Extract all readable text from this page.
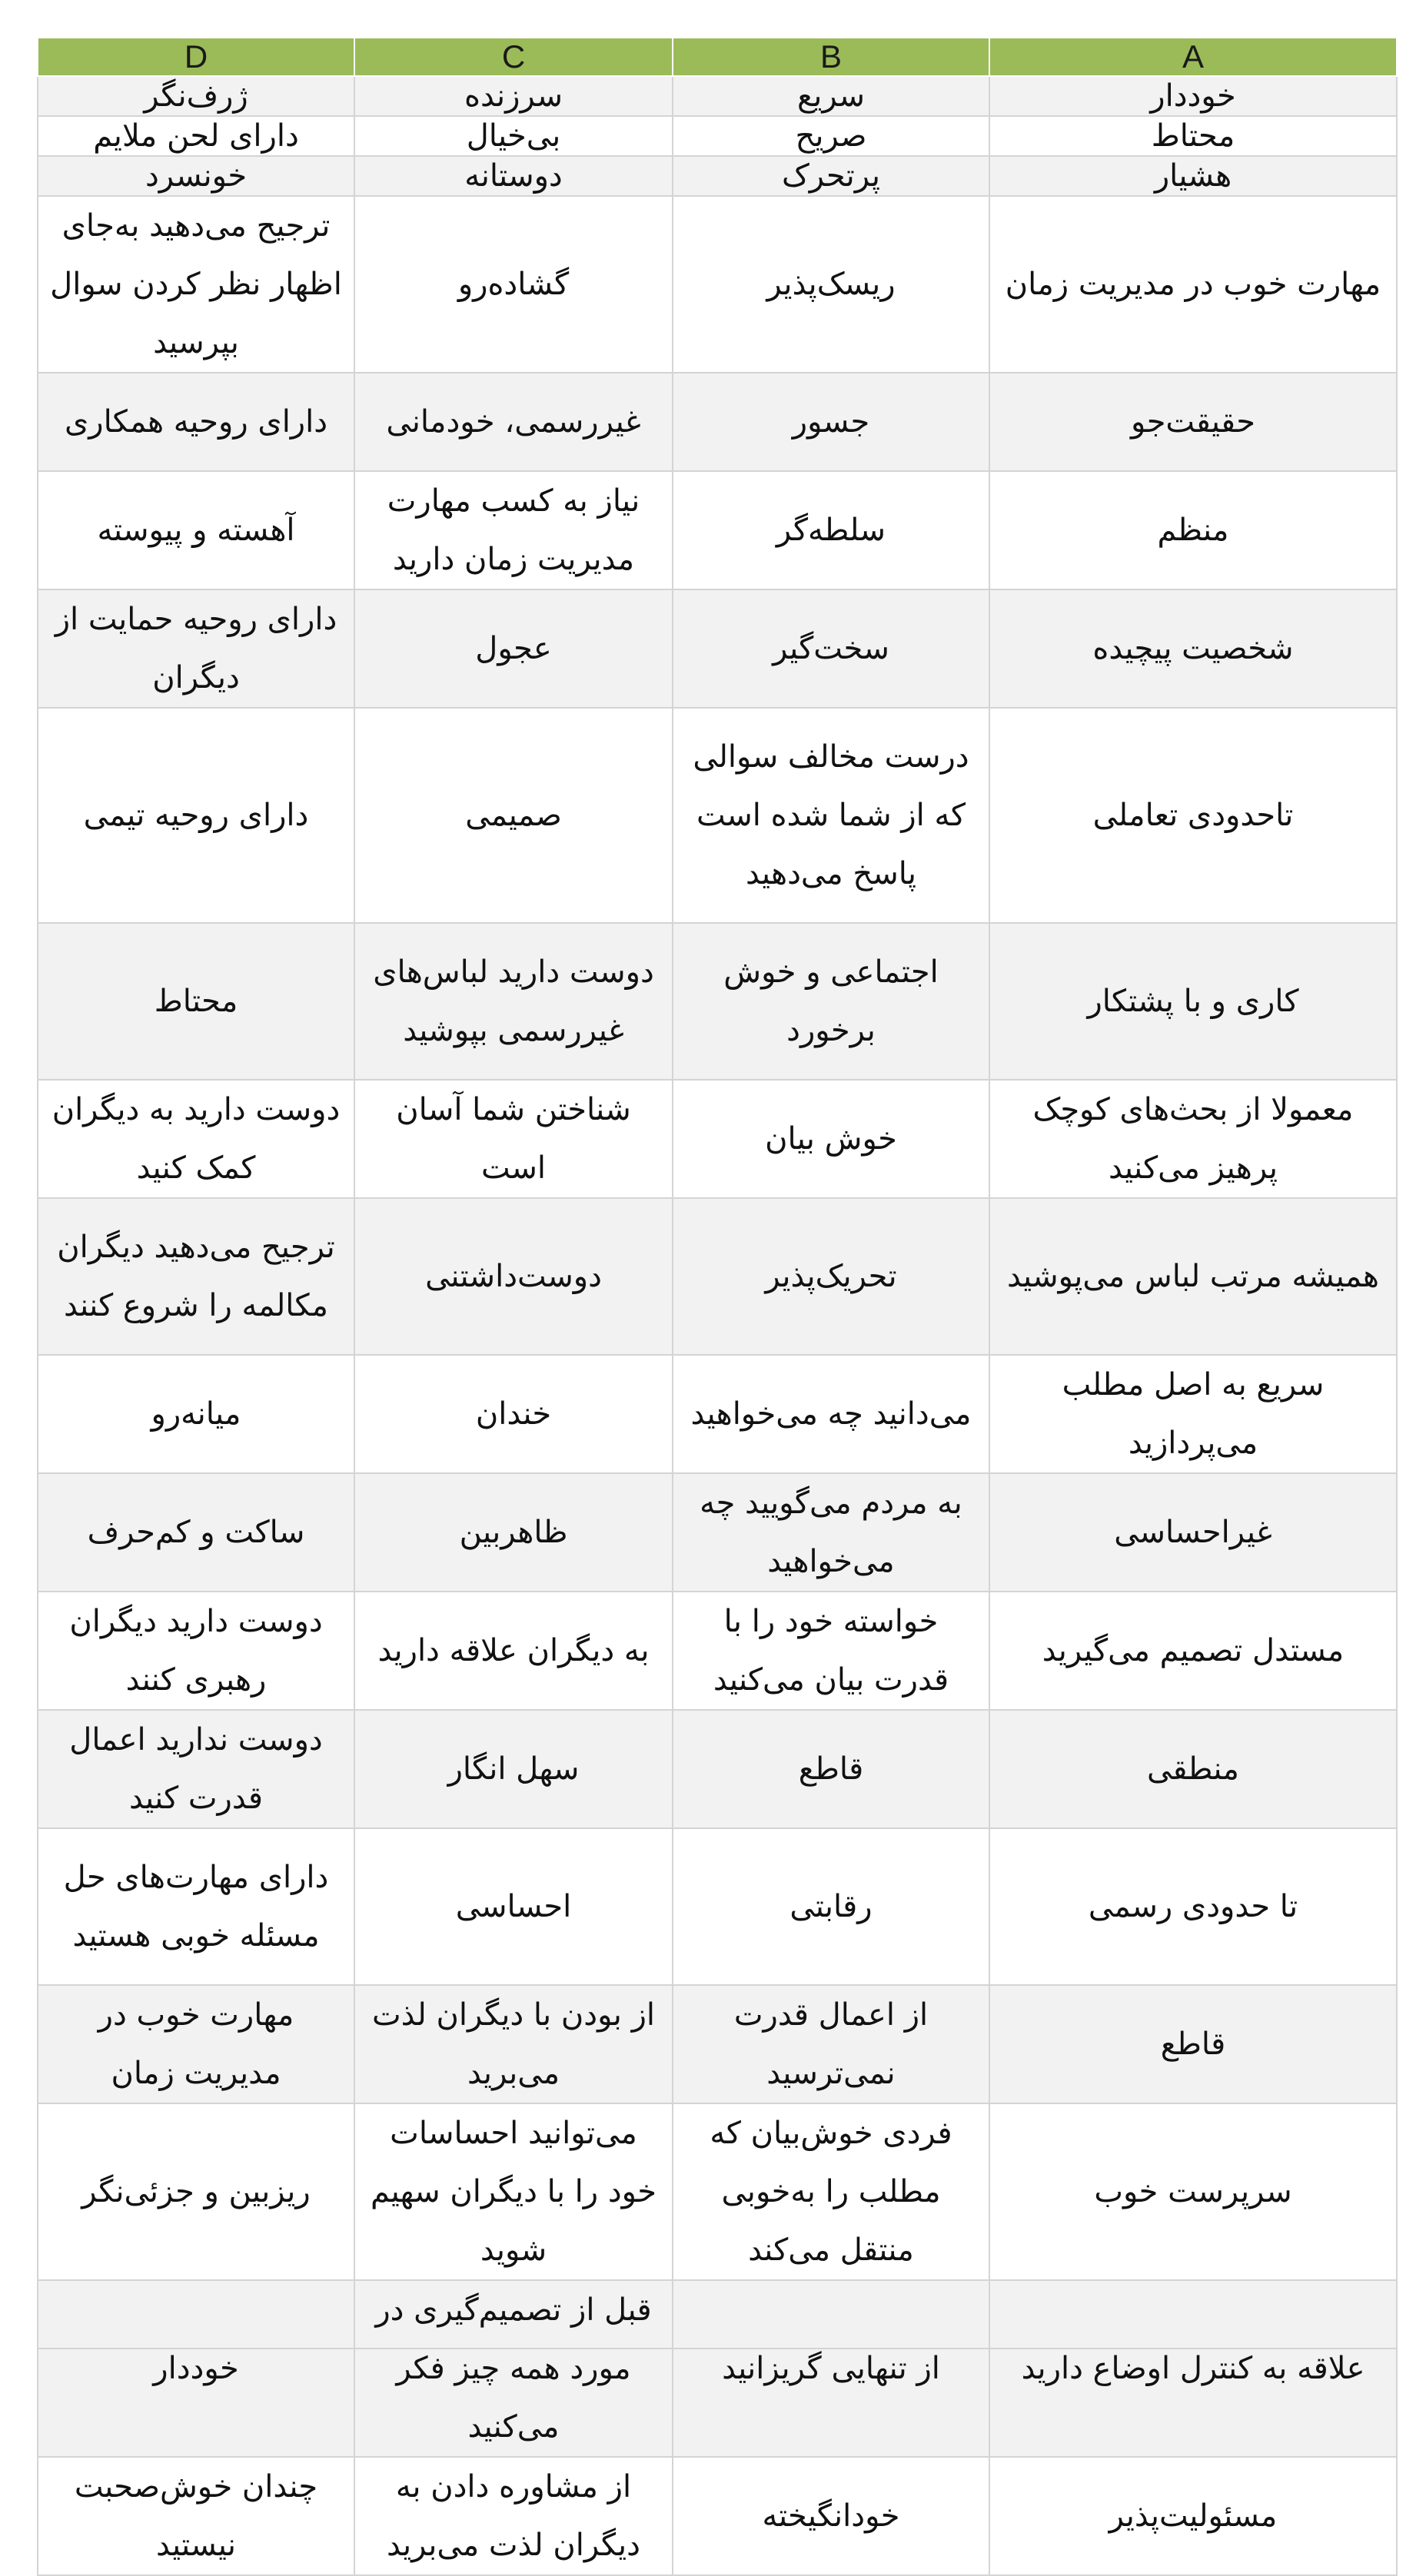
D	C	B	A
ژرف‌نگر	سرزنده	سریع	خوددار
دارای لحن ملایم	بی‌خیال	صریح	محتاط
خونسرد	دوستانه	پرتحرک	هشیار
ترجیح می‌دهید به‌جای اظهار نظر کردن سوال بپرسید	گشاده‌رو	ریسک‌پذیر	مهارت خوب در مدیریت زمان
دارای روحیه همکاری	غیررسمی، خودمانی	جسور	حقیقت‌جو
آهسته و پیوسته	نیاز به کسب مهارت مدیریت زمان دارید	سلطه‌گر	منظم
دارای روحیه حمایت از دیگران	عجول	سخت‌گیر	شخصیت پیچیده
دارای روحیه تیمی	صمیمی	درست مخالف سوالی که از شما شده است پاسخ می‌دهید	تاحدودی تعاملی
محتاط	دوست دارید لباس‌های غیررسمی بپوشید	اجتماعی و خوش برخورد	کاری و با پشتکار
دوست دارید به دیگران کمک کنید	شناختن شما آسان است	خوش بیان	معمولا از بحث‌های کوچک پرهیز می‌کنید
ترجیح می‌دهید دیگران مکالمه را شروع کنند	دوست‌داشتنی	تحریک‌پذیر	همیشه مرتب لباس می‌پوشید
میانه‌رو	خندان	می‌دانید چه می‌خواهید	سریع به اصل مطلب می‌پردازید
ساکت و کم‌حرف	ظاهربین	به مردم می‌گویید چه می‌خواهید	غیراحساسی
دوست دارید دیگران رهبری کنند	به دیگران علاقه دارید	خواسته خود را با قدرت بیان می‌کنید	مستدل تصمیم می‌گیرید
دوست ندارید اعمال قدرت کنید	سهل انگار	قاطع	منطقی
دارای مهارت‌های حل مسئله خوبی هستید	احساسی	رقابتی	تا حدودی رسمی
مهارت خوب در مدیریت زمان	از بودن با دیگران لذت می‌برید	از اعمال قدرت نمی‌ترسید	قاطع
ریزبین و جزئی‌نگر	می‌توانید احساسات خود را با دیگران سهیم شوید	فردی خوش‌بیان که مطلب را به‌خوبی منتقل می‌کند	سرپرست خوب
خوددار	قبل از تصمیم‌گیری در مورد همه چیز فکر می‌کنید	از تنهایی گریزانید	علاقه به کنترل اوضاع دارید
چندان خوش‌صحبت نیستید	از مشاوره دادن به دیگران لذت می‌برید	خودانگیخته	مسئولیت‌پذیر
